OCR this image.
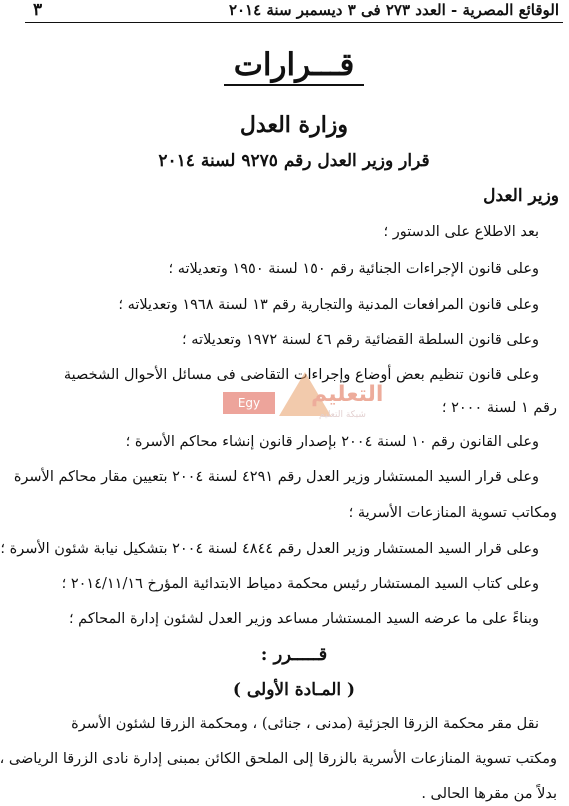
الوقائع المصرية - العدد ٢٧٣ فى ٣ ديسمبر سنة ٢٠١٤
٣
قـــرارات
وزارة العدل
قرار وزير العدل رقم ٩٢٧٥ لسنة ٢٠١٤
وزير العدل
بعد الاطلاع على الدستور ؛
وعلى قانون الإجراءات الجنائية رقم ١٥٠ لسنة ١٩٥٠ وتعديلاته ؛
وعلى قانون المرافعات المدنية والتجارية رقم ١٣ لسنة ١٩٦٨ وتعديلاته ؛
وعلى قانون السلطة القضائية رقم ٤٦ لسنة ١٩٧٢ وتعديلاته ؛
وعلى قانون تنظيم بعض أوضاع وإجراءات التقاضى فى مسائل الأحوال الشخصية
رقم ١ لسنة ٢٠٠٠ ؛
وعلى القانون رقم ١٠ لسنة ٢٠٠٤ بإصدار قانون إنشاء محاكم الأسرة ؛
وعلى قرار السيد المستشار وزير العدل رقم ٤٢٩١ لسنة ٢٠٠٤ بتعيين مقار محاكم الأسرة
ومكاتب تسوية المنازعات الأسرية ؛
وعلى قرار السيد المستشار وزير العدل رقم ٤٨٤٤ لسنة ٢٠٠٤ بتشكيل نيابة شئون الأسرة ؛
وعلى كتاب السيد المستشار رئيس محكمة دمياط الابتدائية المؤرخ ٢٠١٤/١١/١٦ ؛
وبناءً على ما عرضه السيد المستشار مساعد وزير العدل لشئون إدارة المحاكم ؛
قـــــرر :
( المـادة الأولى )
نقل مقر محكمة الزرقا الجزئية (مدنى ، جنائى) ، ومحكمة الزرقا لشئون الأسرة
ومكتب تسوية المنازعات الأسرية بالزرقا إلى الملحق الكائن بمبنى إدارة نادى الزرقا الرياضى ،
بدلاً من مقرها الحالى .
Egy	التعليم
شبكة التعليم
